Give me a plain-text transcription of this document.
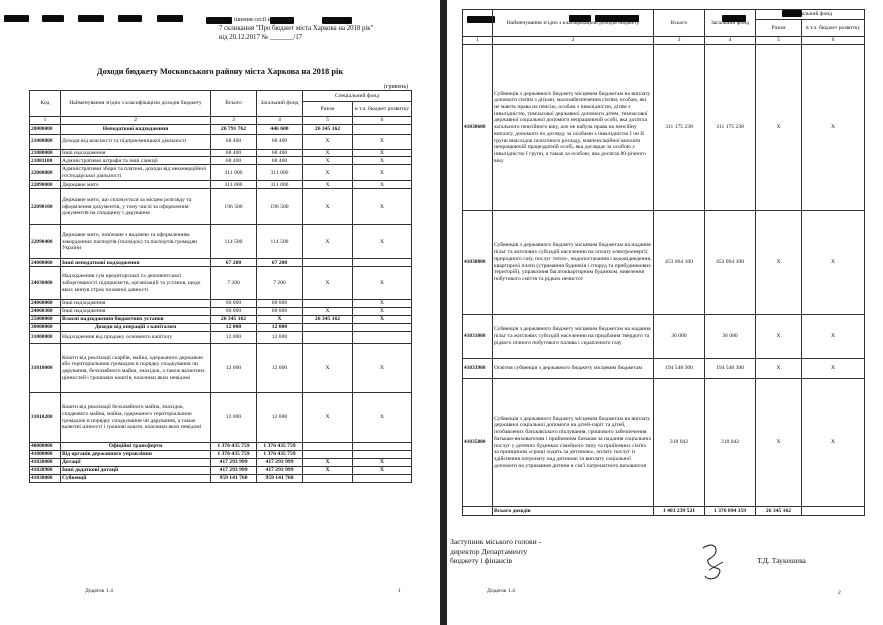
ішення сесії ької ради
7 скликання "Про бюджет міста Харкова на 2018 рік"
від 20.12.2017 № _______/17
Доходи бюджету Московського району міста Харкова на 2018 рік
(гривень)
Код	Найменування згідно з класифікацією доходів бюджету	Всього	Загальний фонд	Спеціальний фонд	
				Разом	в т.ч. бюджет розвитку
1	2	3	4	5	6
20000000	Неподаткові надходження	26 791 762	446 600	26 345 162	
21000000	Доходи від власності та підприємницької діяльності	68 400	68 400	X	X
21080000	Інші надходження	68 400	68 400	X	X
21081100	Адміністративні штрафи та інші санкції	68 400	68 400	X	X
22000000	Адміністративні збори та платежі, доходи від некомерційної господарської діяльності	311 000	311 000	X	X
22090000	Державне мито	311 000	311 000	X	X
22090100	Державне мито, що сплачується за місцем розгляду та оформлення документів, у тому числі за оформлення документів на спадщину і дарування	196 500	196 500	X	X
22090400	Державне мито, пов'язане з видачею та оформленням закордонних паспортів (посвідок) та паспортів громадян України	114 500	114 500	X	X
24000000	Інші неподаткові надходження	67 200	67 200		
24030000	Надходження сум кредиторської та депонентської заборгованості підприємств, організацій та установ, щодо яких минув строк позовної давності	7 200	7 200	X	X
24060000	Інші надходження	60 000	60 000		X
24060300	Інші надходження	60 000	60 000	X	X
25000000	Власні надходження бюджетних установ	26 345 162	X	26 345 162	X
30000000	Доходи від операцій з капіталом	12 000	12 000		
31000000	Надходження від продажу основного капіталу	12 000	12 000		
31010000	Кошти від реалізації скарбів, майна, одержаного державою або територіальною громадою в порядку спадкування чи дарування, безхазяйного майна, знахідок, а також валютних цінностей і грошових коштів, власники яких невідомі	12 000	12 000	X	X
31010200	Кошти від реалізації безхазяйного майна, знахідок, спадкового майна, майна, одержаного територіальною громадою в порядку спадкування чи дарування, а також валютні цінності і грошові кошти, власники яких невідомі	12 000	12 000	X	X
40000000	Офіційні трансферти	1 376 435 759	1 376 435 759		
41000000	Від органів державного управління	1 376 435 759	1 376 435 759		
41020000	Дотації	417 293 999	417 293 999	X	X
41020900	Інші додаткові дотації	417 293 999	417 293 999	X	X
41030000	Субвенції	959 141 760	959 141 760		
Додаток 1.4	1
	Найменування згідно з класифікацією доходів бюджету	Всього	Загальний фонд	Спеціальний фонд	
				Разом	в т.ч. бюджет розвитку
1	2	3	4	5	6
41030600	Субвенція з державного бюджету місцевим бюджетам на виплату допомоги сім'ям з дітьми, малозабезпеченим сім'ям, особам, які не мають права на пенсію, особам з інвалідністю, дітям з інвалідністю, тимчасової державної допомоги дітям, тимчасової державної соціальної допомоги непрацюючій особі, яка досягла загального пенсійного віку, але не набула права на пенсійну виплату, допомоги по догляду за особами з інвалідністю I чи II групи внаслідок психічного розладу, компенсаційної виплати непрацюючій працездатній особі, яка доглядає за особою з інвалідністю I групи, а також за особою, яка досягла 80-річного віку	311 175 238	311 175 238	X	X
41030800	Субвенція з державного бюджету місцевим бюджетам на надання пільг та житлових субсидій населенню на оплату електроенергії, природного газу, послуг тепло-, водопостачання і водовідведення, квартирної плати (утримання будинків і споруд та прибудинкових територій), управління багатоквартирним будинком, вивезення побутового сміття та рідких нечистот	453 064 100	453 064 100	X	X
41031000	Субвенція з державного бюджету місцевим бюджетам на надання пільг та житлових субсидій населенню на придбання твердого та рідкого пічного побутового палива і скрапленого газу	36 080	36 080	X	X
41033900	Освітня субвенція з державного бюджету місцевим бюджетам	194 548 300	194 548 300	X	X
41035800	Субвенція з державного бюджету місцевим бюджетам на виплату державної соціальної допомоги на дітей-сиріт та дітей, позбавлених батьківського піклування, грошового забезпечення батькам-вихователям і прийомним батькам за надання соціальних послуг у дитячих будинках сімейного типу та прийомних сім'ях за принципом «гроші ходять за дитиною», оплату послуг із здійснення патронату над дитиною та виплату соціальної допомоги на утримання дитини в сім'ї патронатного вихователя	318 042	318 042	X	X
	Всього доходів	1 403 239 521	1 376 894 359	26 345 162	
Заступник міського голови -
директор Департаменту
бюджету і фінансів	Т.Д. Таукешева
Додаток 1.4	2
